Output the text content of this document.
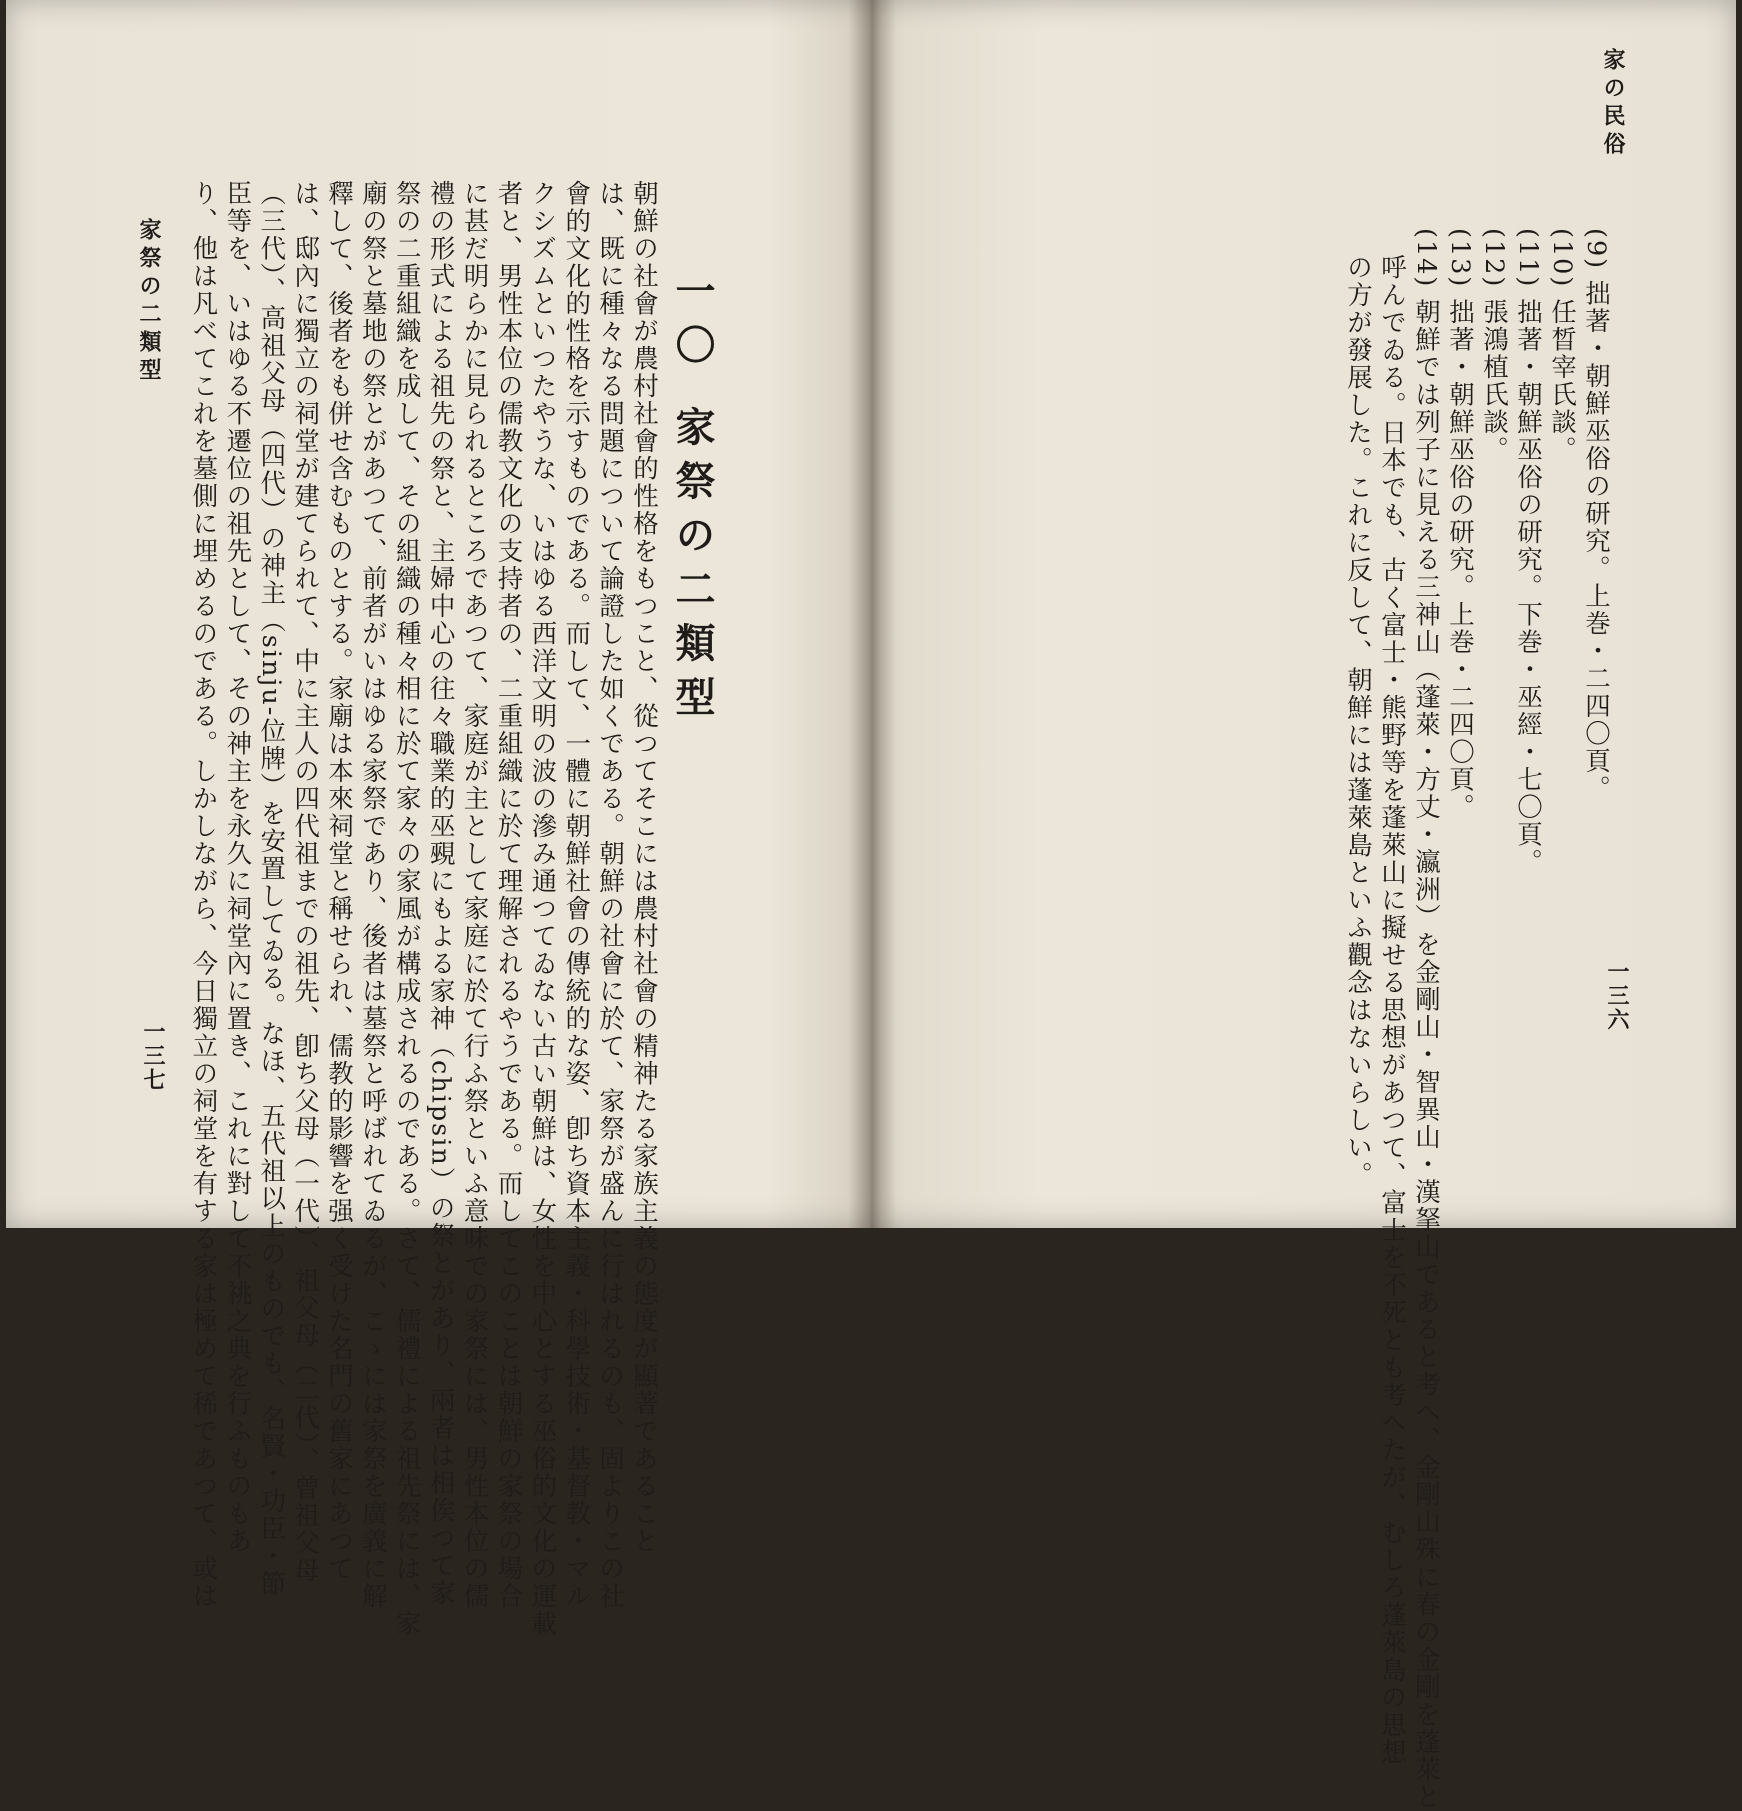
一〇 家祭の二類型
朝鮮の社會が農村社會的性格をもつこと、從つてそこには農村社會の精神たる家族主義の態度が顯著であること
は、既に種々なる問題について論證した如くである。朝鮮の社會に於て、家祭が盛んに行はれるのも、固よりこの社
會的文化的性格を示すものである。而して、一體に朝鮮社會の傳統的な姿、卽ち資本主義・科學技術・基督教・マル
クシズムといつたやうな、いはゆる西洋文明の波の滲み通つてゐない古い朝鮮は、女性を中心とする巫俗的文化の運載
者と、男性本位の儒教文化の支持者の、二重組織に於て理解されるやうである。而してこのことは朝鮮の家祭の場合
に甚だ明らかに見られるところであつて、家庭が主として家庭に於て行ふ祭といふ意味での家祭には、男性本位の儒
禮の形式による祖先の祭と、主婦中心の往々職業的巫覡にもよる家神（chipsin）の祭とがあり、兩者は相俟つて家
祭の二重組織を成して、その組織の種々相に於て家々の家風が構成されるのである。さて、儒禮による祖先祭には、家
廟の祭と墓地の祭とがあつて、前者がいはゆる家祭であり、後者は墓祭と呼ばれてゐるが、こゝには家祭を廣義に解
釋して、後者をも併せ含むものとする。家廟は本來祠堂と稱せられ、儒教的影響を强く受けた名門の舊家にあつて
は、邸內に獨立の祠堂が建てられて、中に主人の四代祖までの祖先、卽ち父母（一代）、祖父母（二代）、曾祖父母
（三代）、高祖父母（四代）の神主（sinju‐位牌）を安置してゐる。なほ、五代祖以上のものでも、名賢・功臣・節
臣等を、いはゆる不遷位の祖先として、その神主を永久に祠堂內に置き、これに對して不祧之典を行ふものもあ
り、他は凡べてこれを墓側に埋めるのである。しかしながら、今日獨立の祠堂を有する家は極めて稀であつて、或は
家祭の二類型
一三七
家の民俗
(9) 拙著・朝鮮巫俗の研究。上巻・二四〇頁。
(10) 任晳宰氏談。
(11) 拙著・朝鮮巫俗の研究。下巻・巫經・七〇頁。
(12) 張鴻植氏談。
(13) 拙著・朝鮮巫俗の研究。上巻・二四〇頁。
(14) 朝鮮では列子に見える三神山（蓬萊・方丈・瀛洲）を金剛山・智異山・漢拏山であると考へ、金剛山殊に春の金剛を蓬萊と
呼んでゐる。日本でも、古く富士・熊野等を蓬萊山に擬せる思想があつて、富士を不死とも考へたが、むしろ蓬萊島の思想
の方が發展した。これに反して、朝鮮には蓬萊島といふ觀念はないらしい。	一三六
